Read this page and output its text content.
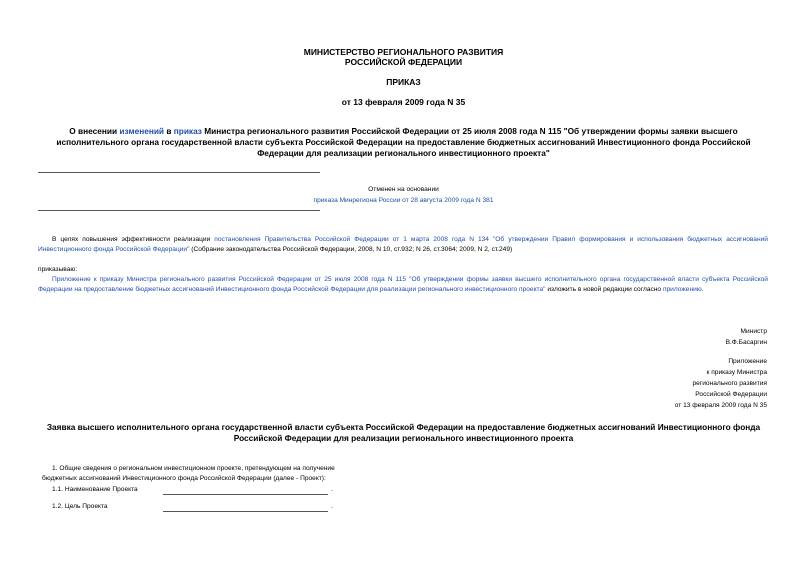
МИНИСТЕРСТВО РЕГИОНАЛЬНОГО РАЗВИТИЯ
РОССИЙСКОЙ ФЕДЕРАЦИИ
ПРИКАЗ
от 13 февраля 2009 года N 35
О внесении изменений в приказ Министра регионального развития Российской Федерации от 25 июля 2008 года N 115 "Об утверждении формы заявки высшего исполнительного органа государственной власти субъекта Российской Федерации на предоставление бюджетных ассигнований Инвестиционного фонда Российской Федерации для реализации регионального инвестиционного проекта"
Отменен на основании
приказа Минрегиона России от 28 августа 2009 года N 381
В целях повышения эффективности реализации постановления Правительства Российской Федерации от 1 марта 2008 года N 134 "Об утверждении Правил формирования и использования бюджетных ассигнований Инвестиционного фонда Российской Федерации" (Собрание законодательства Российской Федерации, 2008, N 10, ст.932; N 26, ст.3064; 2009, N 2, ст.249)
приказываю:
Приложение к приказу Министра регионального развития Российской Федерации от 25 июля 2008 года N 115 "Об утверждении формы заявки высшего исполнительного органа государственной власти субъекта Российской Федерации на предоставление бюджетных ассигнований Инвестиционного фонда Российской Федерации для реализации регионального инвестиционного проекта" изложить в новой редакции согласно приложению.
Министр
В.Ф.Басаргин
Приложение
к приказу Министра
регионального развития
Российской Федерации
от 13 февраля 2009 года N 35
Заявка высшего исполнительного органа государственной власти субъекта Российской Федерации на предоставление бюджетных ассигнований Инвестиционного фонда Российской Федерации для реализации регионального инвестиционного проекта
1. Общие сведения о региональном инвестиционном проекте, претендующем на получение
бюджетных ассигнований Инвестиционного фонда Российской Федерации (далее - Проект):
1.1. Наименование Проекта	.
1.2. Цель Проекта	.
